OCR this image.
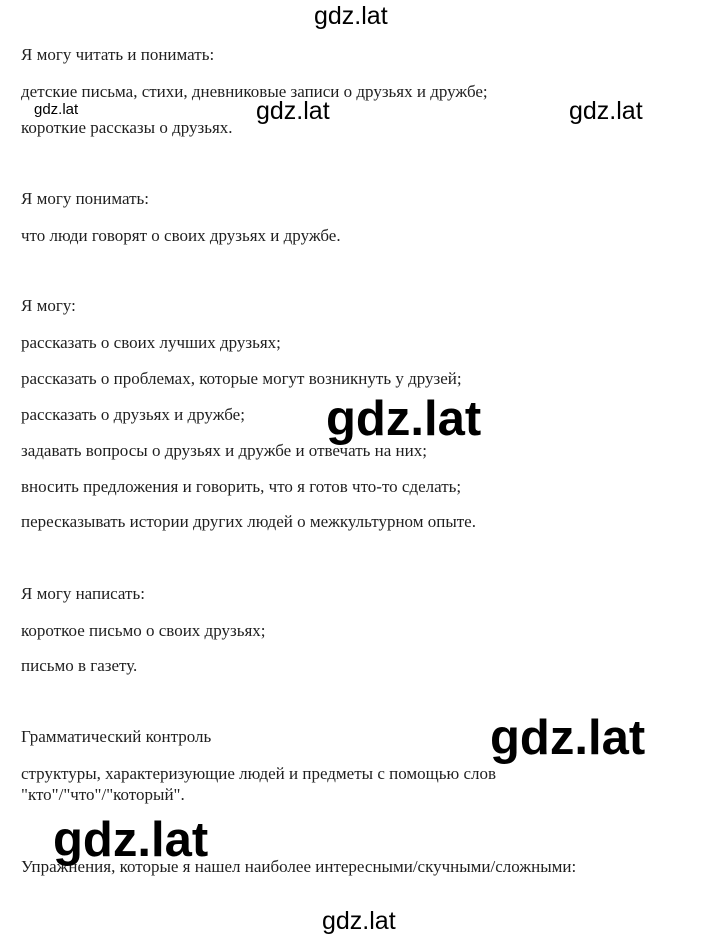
Я могу читать и понимать:
детские письма, стихи, дневниковые записи о друзьях и дружбе;
короткие рассказы о друзьях.
Я могу понимать:
что люди говорят о своих друзьях и дружбе.
Я могу:
рассказать о своих лучших друзьях;
рассказать о проблемах, которые могут возникнуть у друзей;
рассказать о друзьях и дружбе;
задавать вопросы о друзьях и дружбе и отвечать на них;
вносить предложения и говорить, что я готов что-то сделать;
пересказывать истории других людей о межкультурном опыте.
Я могу написать:
короткое письмо о своих друзьях;
письмо в газету.
Грамматический контроль
структуры, характеризующие людей и предметы с помощью слов
"кто"/"что"/"который".
Упражнения, которые я нашел наиболее интересными/скучными/сложными:
gdz.lat
gdz.lat	gdz.lat	gdz.lat
gdz.lat
gdz.lat
gdz.lat
gdz.lat
